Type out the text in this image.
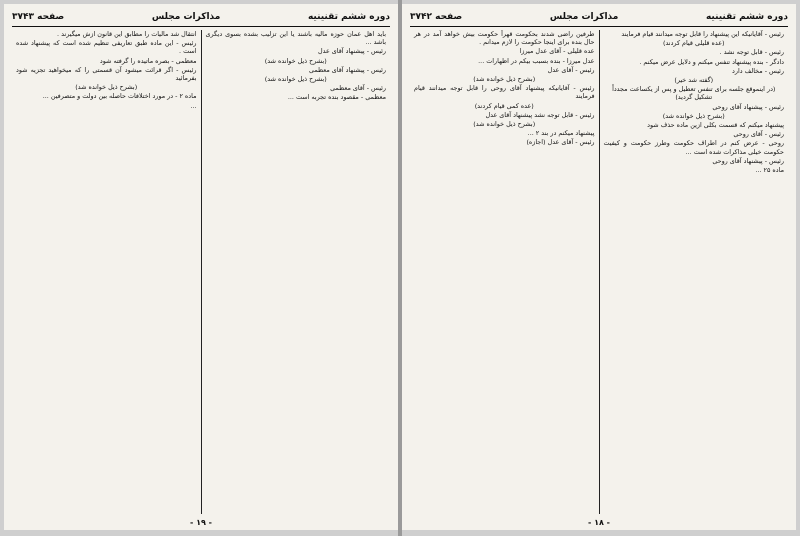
دوره ششم تقنینیه
مذاکرات مجلس
صفحه ٣٧۴٢

رئیس - آقایانیکه این پیشنهاد را قابل توجه میدانند قیام فرمایند

(عده قلیلی قیام کردند)

رئیس - قابل توجه نشد .

دادگر - بنده پیشنهاد تنفس میکنم و دلایل عرض میکنم .

رئیس - مخالف دارد

(گفته شد خیر)

(در اینموقع جلسه برای تنفس تعطیل و پس از یکساعت مجدداً تشکیل گردید)

رئیس - پیشنهاد آقای روحی

(بشرح ذیل خوانده شد)

پیشنهاد میکنم که قسمت بکلی ازین ماده حذف شود

رئیس - آقای روحی

روحی - عرض کنم در اطراف حکومت وطرز حکومت و کیفیت حکومت خیلی مذاکرات شده است ...

رئیس - پیشنهاد آقای روحی

ماده ۲۵ ...

طرفین راضی شدند بحکومت قهراً حکومت بیش خواهد آمد در هر حال بنده برای اینجا حکومت را لازم میدانم .

عده قلیلی - آقای عدل میرزا

عدل میرزا - بنده بسبب بیکم در اظهارات ...

رئیس - آقای عدل

(بشرح ذیل خوانده شد)

رئیس - آقایانیکه پیشنهاد آقای روحی را قابل توجه میدانند قیام فرمایند

(عده کمی قیام کردند)

رئیس - قابل توجه نشد پیشنهاد آقای عدل

(بشرح ذیل خوانده شد)

پیشنهاد میکنم در بند ۲ ...

رئیس - آقای عدل (اجازه)

- ۱۸ -
دوره ششم تقنینیه
مذاکرات مجلس
صفحه ٣٧۴٣

باید اهل عمان حوزه مالیه باشند یا این تزلیب بشده بسوی دیگری باشد ...

رئیس - پیشنهاد آقای عدل

(بشرح ذیل خوانده شد)

رئیس - پیشنهاد آقای معظمی

(بشرح ذیل خوانده شد)

رئیس - آقای معظمی

معظمی - مقصود بنده تجربه است ...

انتقال شد مالیات را مطابق این قانون ازش میگیرند .

رئیس - این ماده طبق تعاریفی تنظیم شده است که پیشنهاد شده است .

معظمی - بصره ماتیده را گرفته شود

رئیس - اگر قرائت میشود آن قسمتی را که میخواهید تجزیه شود بفرمائید

(بشرح ذیل خوانده شد)

ماده ۲ - در مورد اختلافات حاصله بین دولت و متصرفین ...

...

- ۱۹ -
